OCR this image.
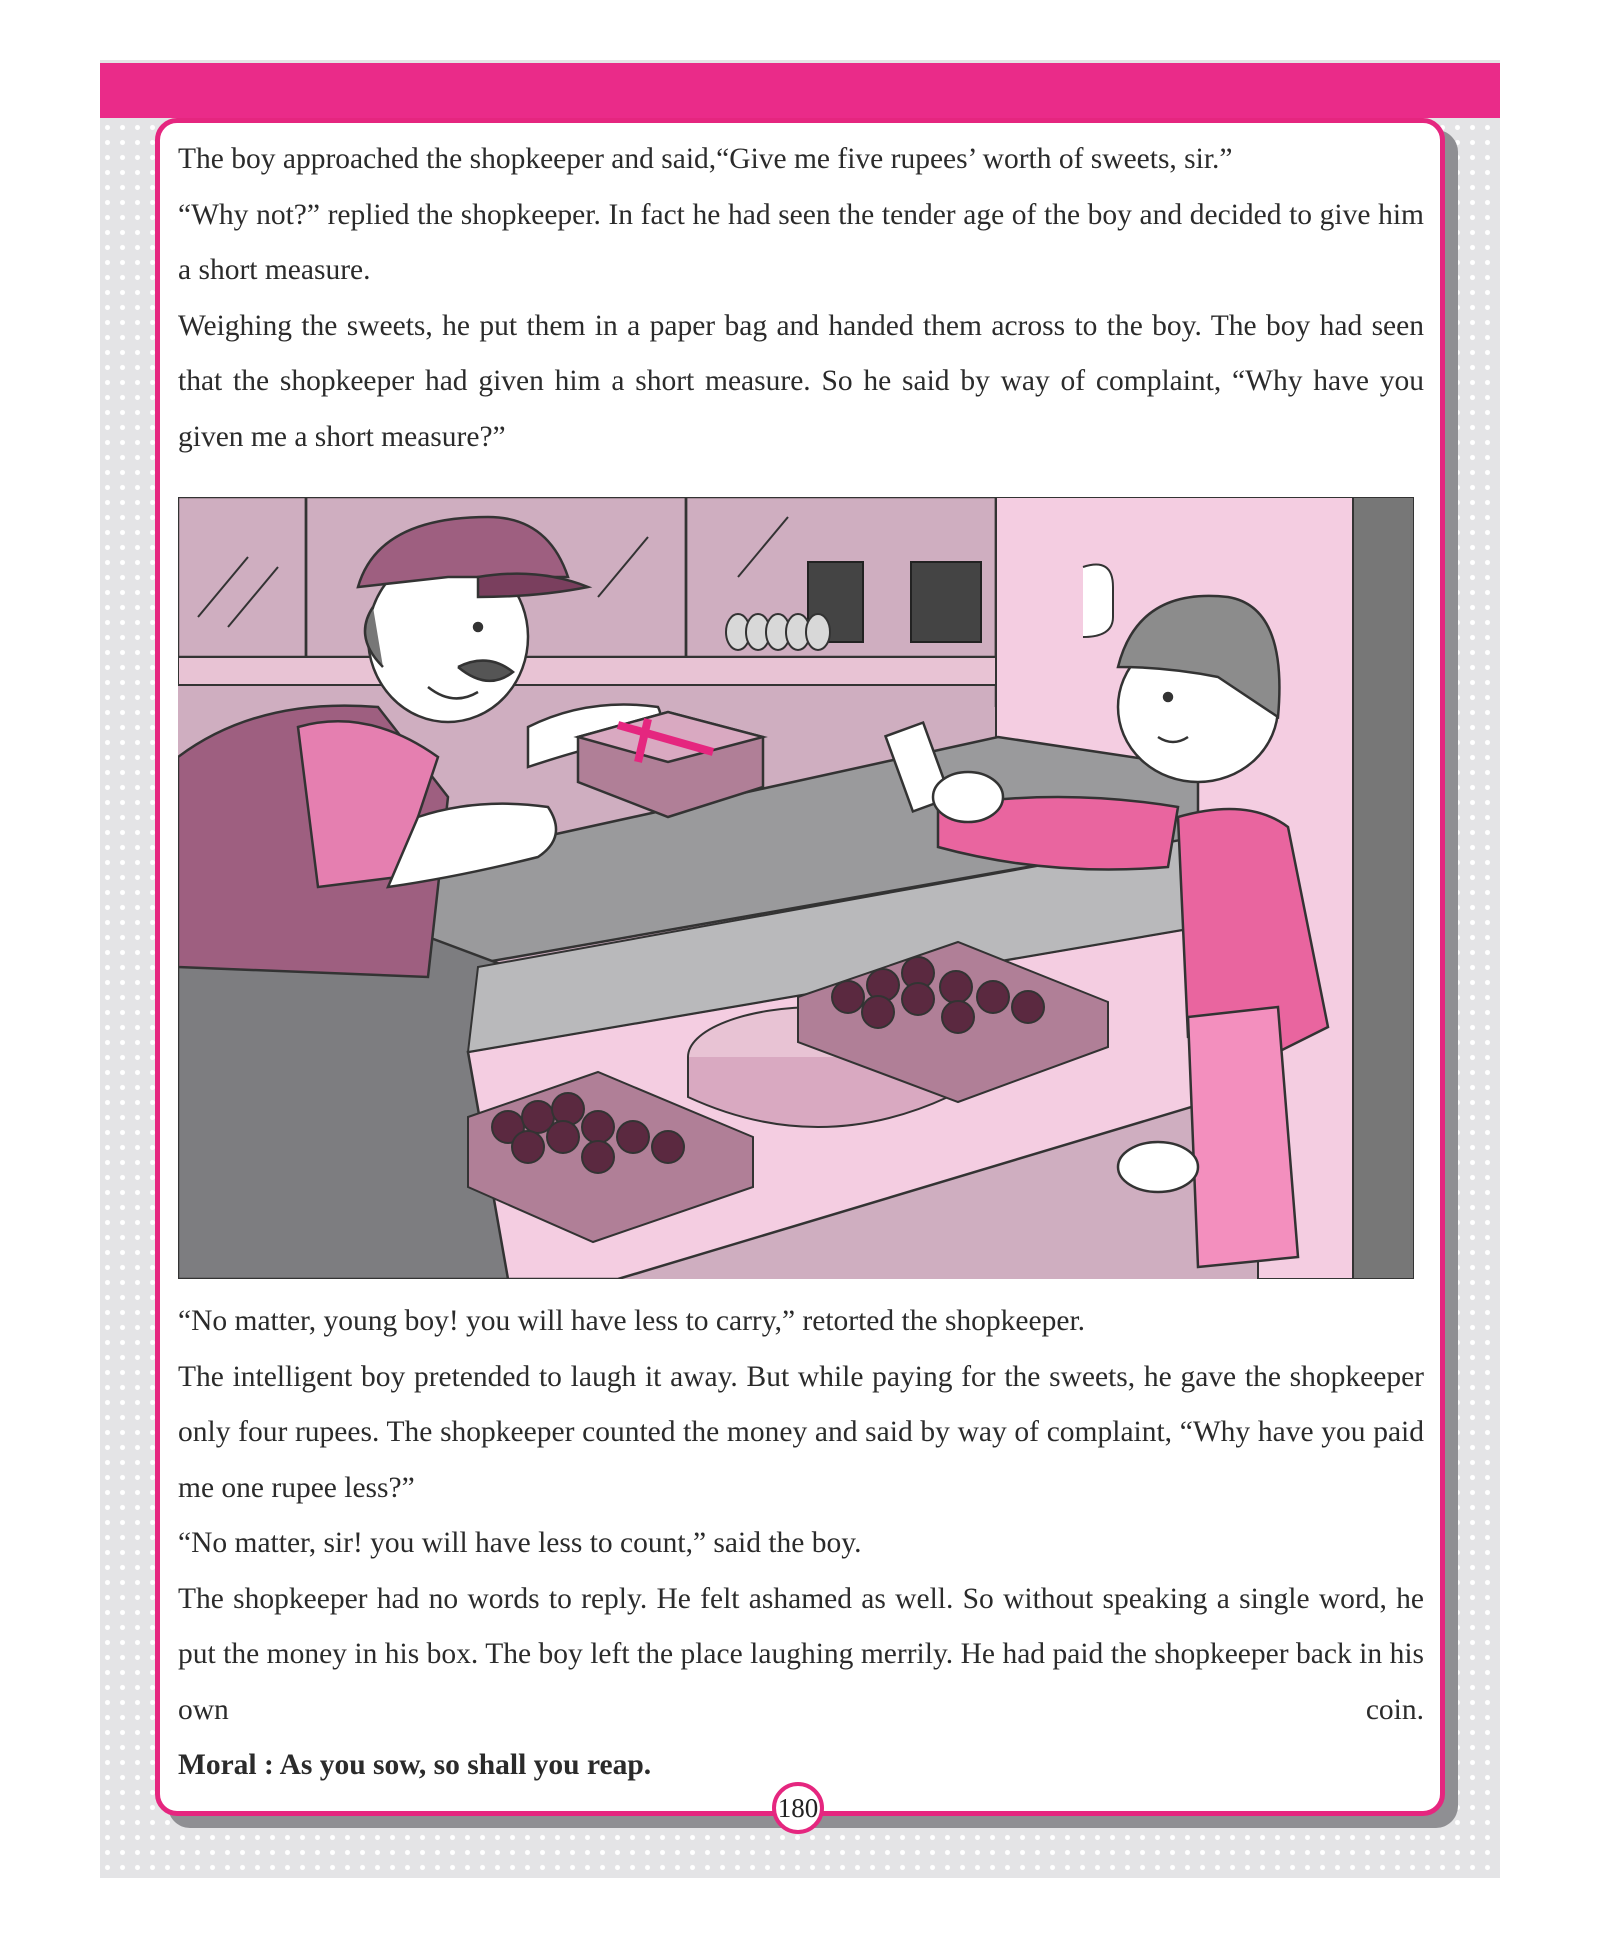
The boy approached the shopkeeper and said,“Give me five rupees’ worth of sweets, sir.”
“Why not?” replied the shopkeeper. In fact he had seen the tender age of the boy and decided to give him a short measure.
Weighing the sweets, he put them in a paper bag and handed them across to the boy. The boy had seen that the shopkeeper had given him a short measure. So he said by way of complaint, “Why have you given me a short measure?”
“No matter, young boy! you will have less to carry,” retorted the shopkeeper.
The intelligent boy pretended to laugh it away. But while paying for the sweets, he gave the shopkeeper only four rupees. The shopkeeper counted the money and said by way of complaint, “Why have you paid me one rupee less?”
“No matter, sir! you will have less to count,” said the boy.
The shopkeeper had no words to reply. He felt ashamed as well. So without speaking a single word, he put the money in his box. The boy left the place laughing merrily. He had paid the shopkeeper back in his own coin.
Moral : As you sow, so shall you reap.
180
